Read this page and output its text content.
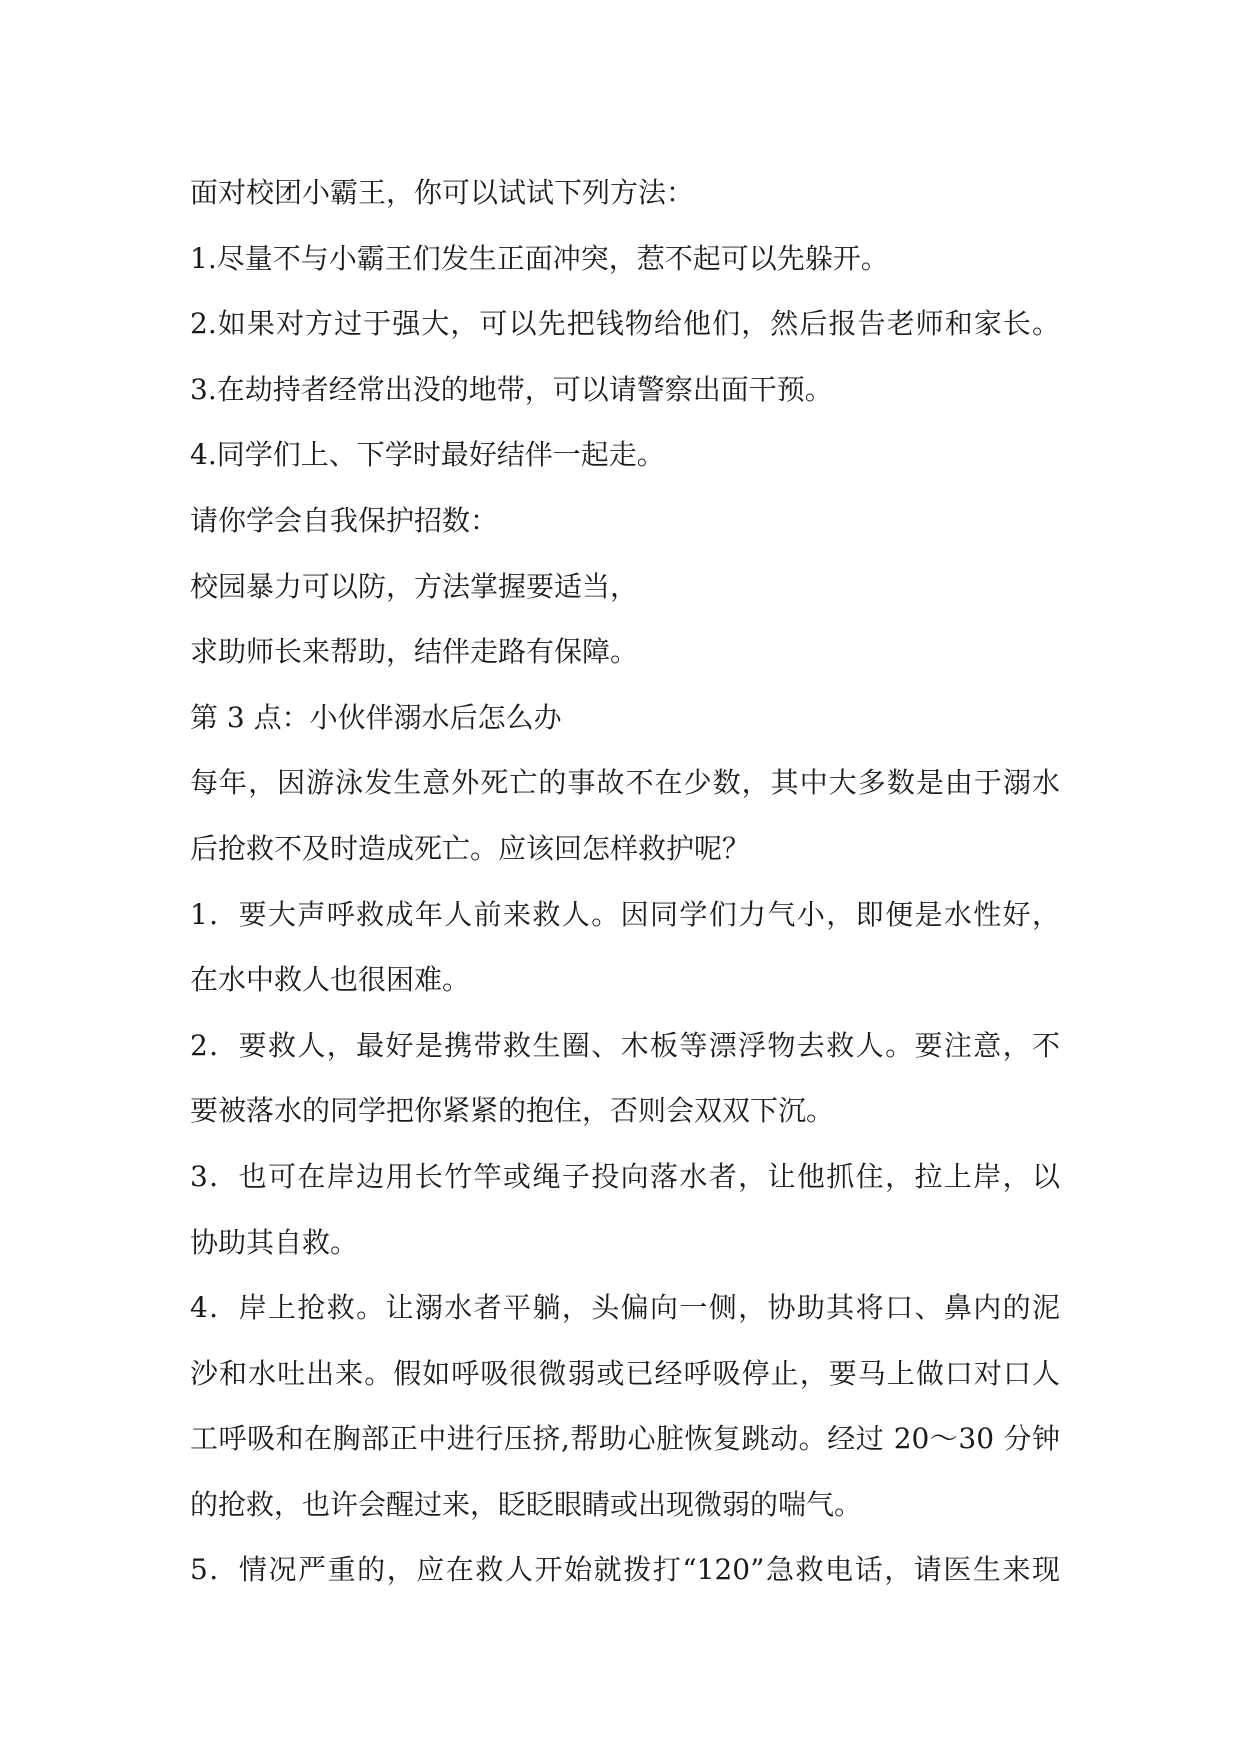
面对校团小霸王，你可以试试下列方法：
1.尽量不与小霸王们发生正面冲突，惹不起可以先躲开。
2.如果对方过于强大，可以先把钱物给他们，然后报告老师和家长。
3.在劫持者经常出没的地带，可以请警察出面干预。
4.同学们上、下学时最好结伴一起走。
请你学会自我保护招数：
校园暴力可以防，方法掌握要适当，
求助师长来帮助，结伴走路有保障。
第 3 点：小伙伴溺水后怎么办
每年，因游泳发生意外死亡的事故不在少数，其中大多数是由于溺水
后抢救不及时造成死亡。应该回怎样救护呢？
1．要大声呼救成年人前来救人。因同学们力气小，即便是水性好，
在水中救人也很困难。
2．要救人，最好是携带救生圈、木板等漂浮物去救人。要注意，不
要被落水的同学把你紧紧的抱住，否则会双双下沉。
3．也可在岸边用长竹竿或绳子投向落水者，让他抓住，拉上岸，以
协助其自救。
4．岸上抢救。让溺水者平躺，头偏向一侧，协助其将口、鼻内的泥
沙和水吐出来。假如呼吸很微弱或已经呼吸停止，要马上做口对口人
工呼吸和在胸部正中进行压挤,帮助心脏恢复跳动。经过 20～30 分钟
的抢救，也许会醒过来，眨眨眼睛或出现微弱的喘气。
5．情况严重的，应在救人开始就拨打“120”急救电话，请医生来现
